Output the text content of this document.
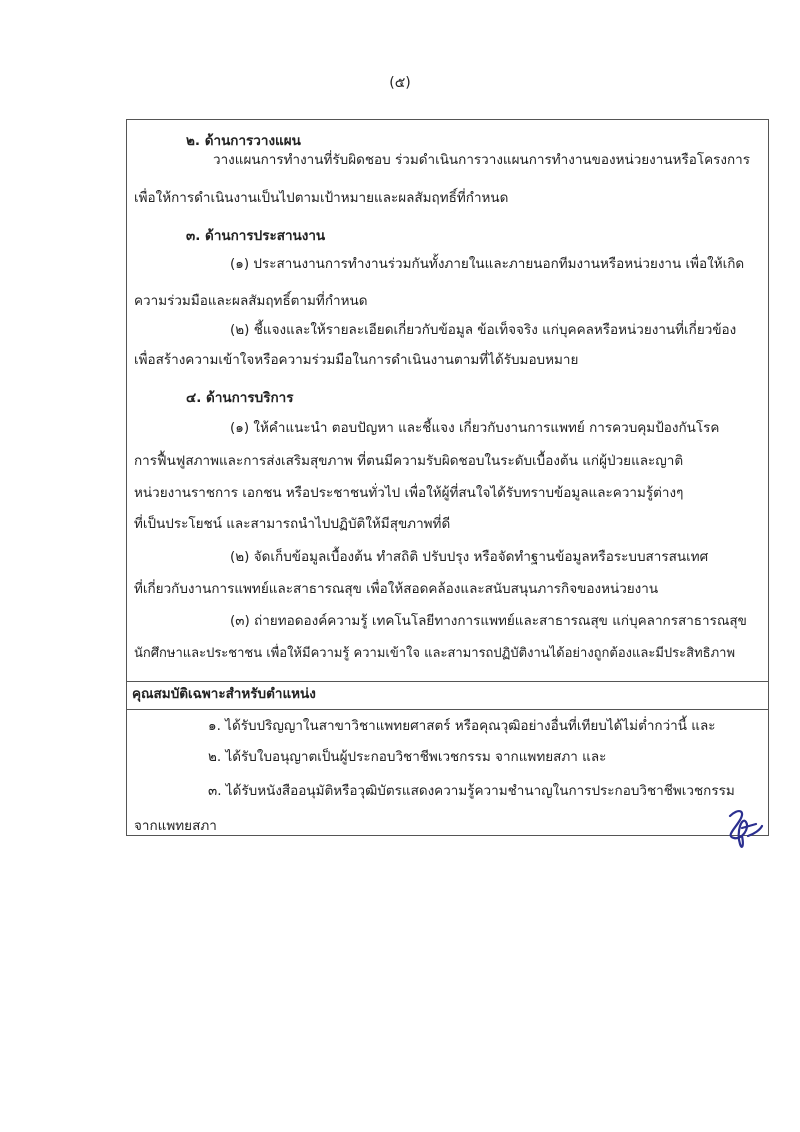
(๕)
๒. ด้านการวางแผน
วางแผนการทำงานที่รับผิดชอบ ร่วมดำเนินการวางแผนการทำงานของหน่วยงานหรือโครงการ
เพื่อให้การดำเนินงานเป็นไปตามเป้าหมายและผลสัมฤทธิ์ที่กำหนด
๓. ด้านการประสานงาน
(๑) ประสานงานการทำงานร่วมกันทั้งภายในและภายนอกทีมงานหรือหน่วยงาน เพื่อให้เกิด
ความร่วมมือและผลสัมฤทธิ์ตามที่กำหนด
(๒) ชี้แจงและให้รายละเอียดเกี่ยวกับข้อมูล ข้อเท็จจริง แก่บุคคลหรือหน่วยงานที่เกี่ยวข้อง
เพื่อสร้างความเข้าใจหรือความร่วมมือในการดำเนินงานตามที่ได้รับมอบหมาย
๔. ด้านการบริการ
(๑) ให้คำแนะนำ ตอบปัญหา และชี้แจง เกี่ยวกับงานการแพทย์ การควบคุมป้องกันโรค
การฟื้นฟูสภาพและการส่งเสริมสุขภาพ ที่ตนมีความรับผิดชอบในระดับเบื้องต้น แก่ผู้ป่วยและญาติ
หน่วยงานราชการ เอกชน หรือประชาชนทั่วไป เพื่อให้ผู้ที่สนใจได้รับทราบข้อมูลและความรู้ต่างๆ
ที่เป็นประโยชน์ และสามารถนำไปปฏิบัติให้มีสุขภาพที่ดี
(๒) จัดเก็บข้อมูลเบื้องต้น ทำสถิติ ปรับปรุง หรือจัดทำฐานข้อมูลหรือระบบสารสนเทศ
ที่เกี่ยวกับงานการแพทย์และสาธารณสุข เพื่อให้สอดคล้องและสนับสนุนภารกิจของหน่วยงาน
(๓) ถ่ายทอดองค์ความรู้ เทคโนโลยีทางการแพทย์และสาธารณสุข แก่บุคลากรสาธารณสุข
นักศึกษาและประชาชน เพื่อให้มีความรู้ ความเข้าใจ และสามารถปฏิบัติงานได้อย่างถูกต้องและมีประสิทธิภาพ
คุณสมบัติเฉพาะสำหรับตำแหน่ง
๑. ได้รับปริญญาในสาขาวิชาแพทยศาสตร์ หรือคุณวุฒิอย่างอื่นที่เทียบได้ไม่ต่ำกว่านี้ และ
๒. ได้รับใบอนุญาตเป็นผู้ประกอบวิชาชีพเวชกรรม จากแพทยสภา และ
๓. ได้รับหนังสืออนุมัติหรือวุฒิบัตรแสดงความรู้ความชำนาญในการประกอบวิชาชีพเวชกรรม
จากแพทยสภา
